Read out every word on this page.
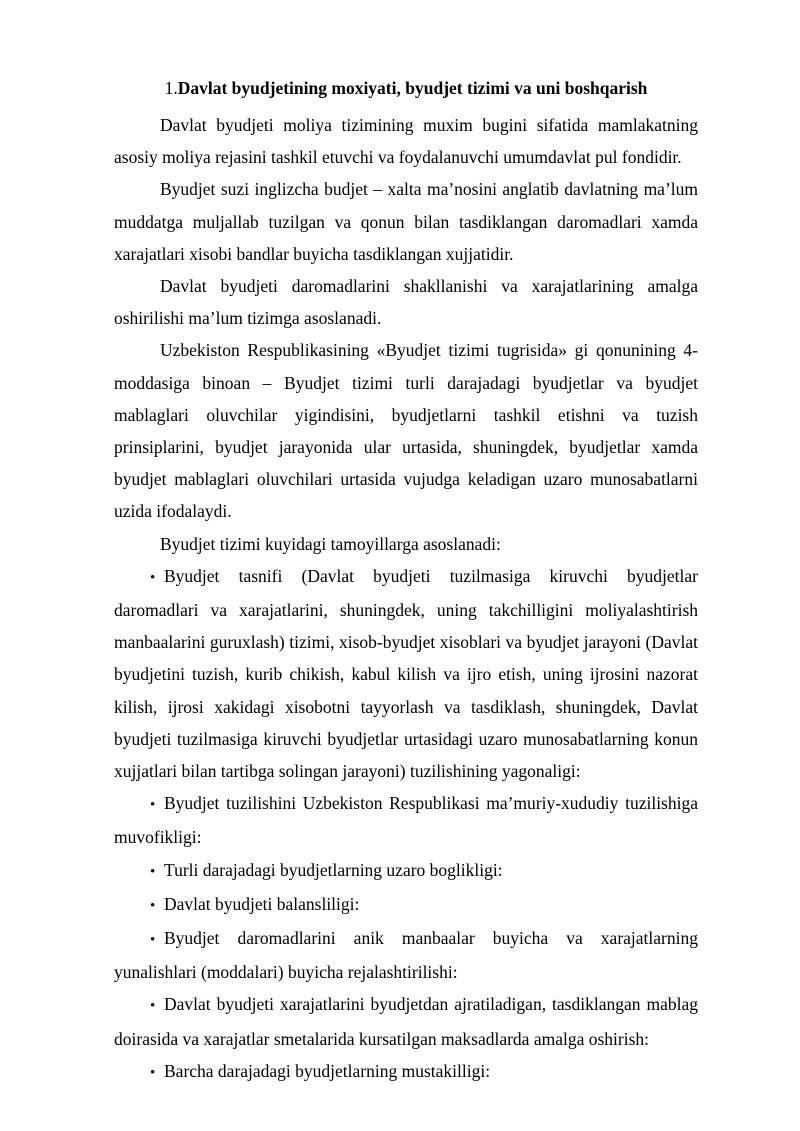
1.Davlat byudjetining moxiyati, byudjet tizimi va uni boshqarish

Davlat byudjeti moliya tizimining muxim bugini sifatida mamlakatning asosiy moliya rejasini tashkil etuvchi va foydalanuvchi umumdavlat pul fondidir.

Byudjet suzi inglizcha budjet – xalta ma’nosini anglatib davlatning ma’lum muddatga muljallab tuzilgan va qonun bilan tasdiklangan daromadlari xamda xarajatlari xisobi bandlar buyicha tasdiklangan xujjatidir.

Davlat byudjeti daromadlarini shakllanishi va xarajatlarining amalga oshirilishi ma’lum tizimga asoslanadi.

Uzbekiston Respublikasining «Byudjet tizimi tugrisida» gi qonunining 4-moddasiga binoan – Byudjet tizimi turli darajadagi byudjetlar va byudjet mablaglari oluvchilar yigindisini, byudjetlarni tashkil etishni va tuzish prinsiplarini, byudjet jarayonida ular urtasida, shuningdek, byudjetlar xamda byudjet mablaglari oluvchilari urtasida vujudga keladigan uzaro munosabatlarni uzida ifodalaydi.

Byudjet tizimi kuyidagi tamoyillarga asoslanadi:

• Byudjet tasnifi (Davlat byudjeti tuzilmasiga kiruvchi byudjetlar daromadlari va xarajatlarini, shuningdek, uning takchilligini moliyalashtirish manbaalarini guruxlash) tizimi, xisob-byudjet xisoblari va byudjet jarayoni (Davlat byudjetini tuzish, kurib chikish, kabul kilish va ijro etish, uning ijrosini nazorat kilish, ijrosi xakidagi xisobotni tayyorlash va tasdiklash, shuningdek, Davlat byudjeti tuzilmasiga kiruvchi byudjetlar urtasidagi uzaro munosabatlarning konun xujjatlari bilan tartibga solingan jarayoni) tuzilishining yagonaligi:

• Byudjet tuzilishini Uzbekiston Respublikasi ma’muriy-xududiy tuzilishiga muvofikligi:

• Turli darajadagi byudjetlarning uzaro boglikligi:

• Davlat byudjeti balansliligi:

• Byudjet daromadlarini anik manbaalar buyicha va xarajatlarning yunalishlari (moddalari) buyicha rejalashtirilishi:

• Davlat byudjeti xarajatlarini byudjetdan ajratiladigan, tasdiklangan mablag doirasida va xarajatlar smetalarida kursatilgan maksadlarda amalga oshirish:

• Barcha darajadagi byudjetlarning mustakilligi:
